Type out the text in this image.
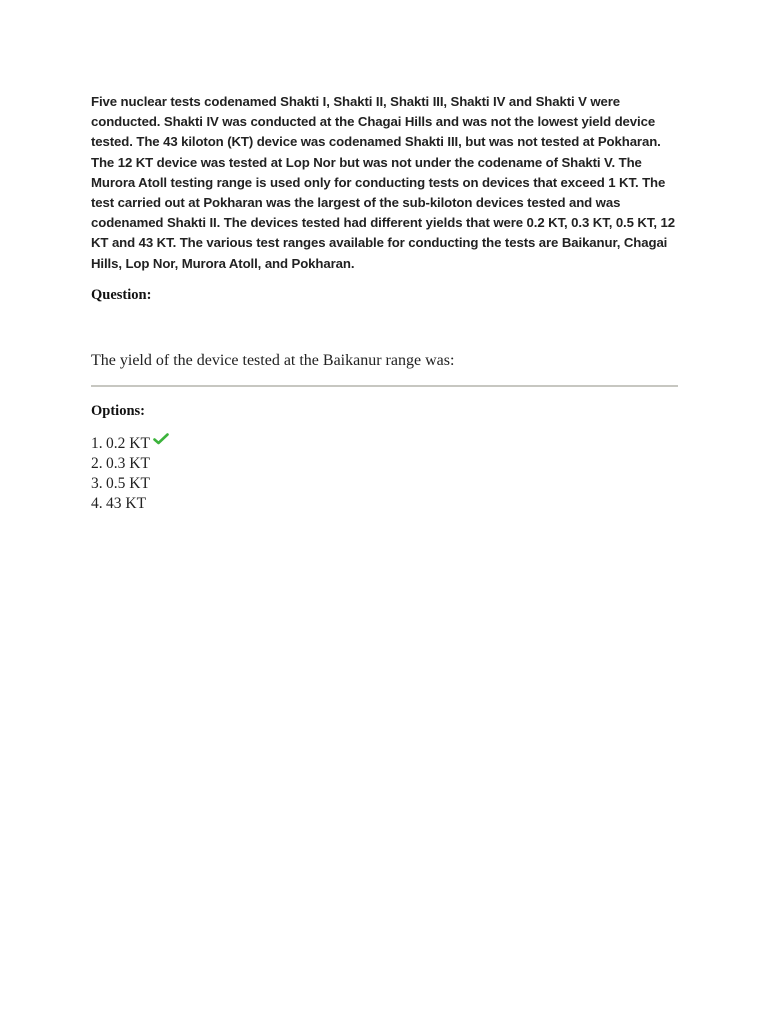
Five nuclear tests codenamed Shakti I, Shakti II, Shakti III, Shakti IV and Shakti V were conducted. Shakti IV was conducted at the Chagai Hills and was not the lowest yield device tested. The 43 kiloton (KT) device was codenamed Shakti III, but was not tested at Pokharan. The 12 KT device was tested at Lop Nor but was not under the codename of Shakti V. The Murora Atoll testing range is used only for conducting tests on devices that exceed 1 KT. The test carried out at Pokharan was the largest of the sub-kiloton devices tested and was codenamed Shakti II. The devices tested had different yields that were 0.2 KT, 0.3 KT, 0.5 KT, 12 KT and 43 KT. The various test ranges available for conducting the tests are Baikanur, Chagai Hills, Lop Nor, Murora Atoll, and Pokharan.

Question:

The yield of the device tested at the Baikanur range was:

Options:

1. 0.2 KT
2. 0.3 KT
3. 0.5 KT
4. 43 KT
